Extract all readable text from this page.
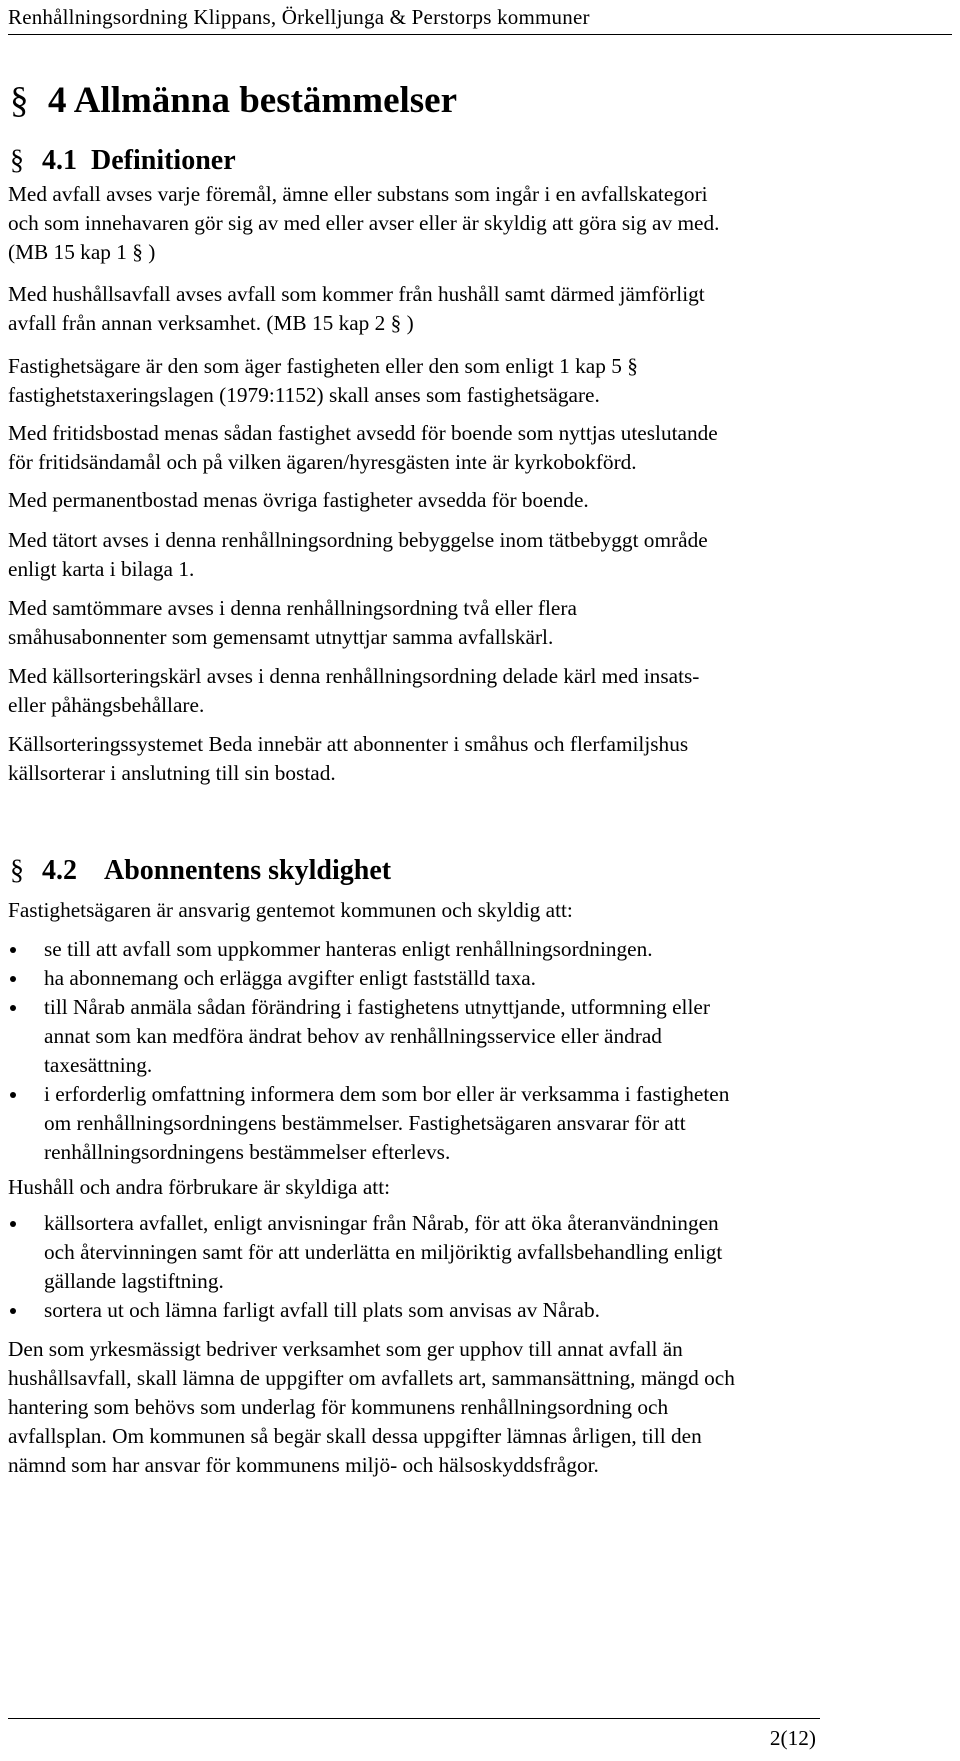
Renhållningsordning Klippans, Örkelljunga & Perstorps kommuner
§ 4 Allmänna bestämmelser
§ 4.1 Definitioner
Med avfall avses varje föremål, ämne eller substans som ingår i en avfallskategori
och som innehavaren gör sig av med eller avser eller är skyldig att göra sig av med.
(MB 15 kap 1 § )
Med hushållsavfall avses avfall som kommer från hushåll samt därmed jämförligt
avfall från annan verksamhet. (MB 15 kap 2 § )
Fastighetsägare är den som äger fastigheten eller den som enligt 1 kap 5 §
fastighetstaxeringslagen (1979:1152) skall anses som fastighetsägare.
Med fritidsbostad menas sådan fastighet avsedd för boende som nyttjas uteslutande
för fritidsändamål och på vilken ägaren/hyresgästen inte är kyrkobokförd.
Med permanentbostad menas övriga fastigheter avsedda för boende.
Med tätort avses i denna renhållningsordning bebyggelse inom tätbebyggt område
enligt karta i bilaga 1.
Med samtömmare avses i denna renhållningsordning två eller flera
småhusabonnenter som gemensamt utnyttjar samma avfallskärl.
Med källsorteringskärl avses i denna renhållningsordning delade kärl med insats-
eller påhängsbehållare.
Källsorteringssystemet Beda innebär att abonnenter i småhus och flerfamiljshus
källsorterar i anslutning till sin bostad.
§ 4.2 Abonnentens skyldighet
Fastighetsägaren är ansvarig gentemot kommunen och skyldig att:
se till att avfall som uppkommer hanteras enligt renhållningsordningen.
ha abonnemang och erlägga avgifter enligt fastställd taxa.
till Nårab anmäla sådan förändring i fastighetens utnyttjande, utformning eller
annat som kan medföra ändrat behov av renhållningsservice eller ändrad
taxesättning.
i erforderlig omfattning informera dem som bor eller är verksamma i fastigheten
om renhållningsordningens bestämmelser. Fastighetsägaren ansvarar för att
renhållningsordningens bestämmelser efterlevs.
Hushåll och andra förbrukare är skyldiga att:
källsortera avfallet, enligt anvisningar från Nårab, för att öka återanvändningen
och återvinningen samt för att underlätta en miljöriktig avfallsbehandling enligt
gällande lagstiftning.
sortera ut och lämna farligt avfall till plats som anvisas av Nårab.
Den som yrkesmässigt bedriver verksamhet som ger upphov till annat avfall än
hushållsavfall, skall lämna de uppgifter om avfallets art, sammansättning, mängd och
hantering som behövs som underlag för kommunens renhållningsordning och
avfallsplan. Om kommunen så begär skall dessa uppgifter lämnas årligen, till den
nämnd som har ansvar för kommunens miljö- och hälsoskyddsfrågor.
2(12)
